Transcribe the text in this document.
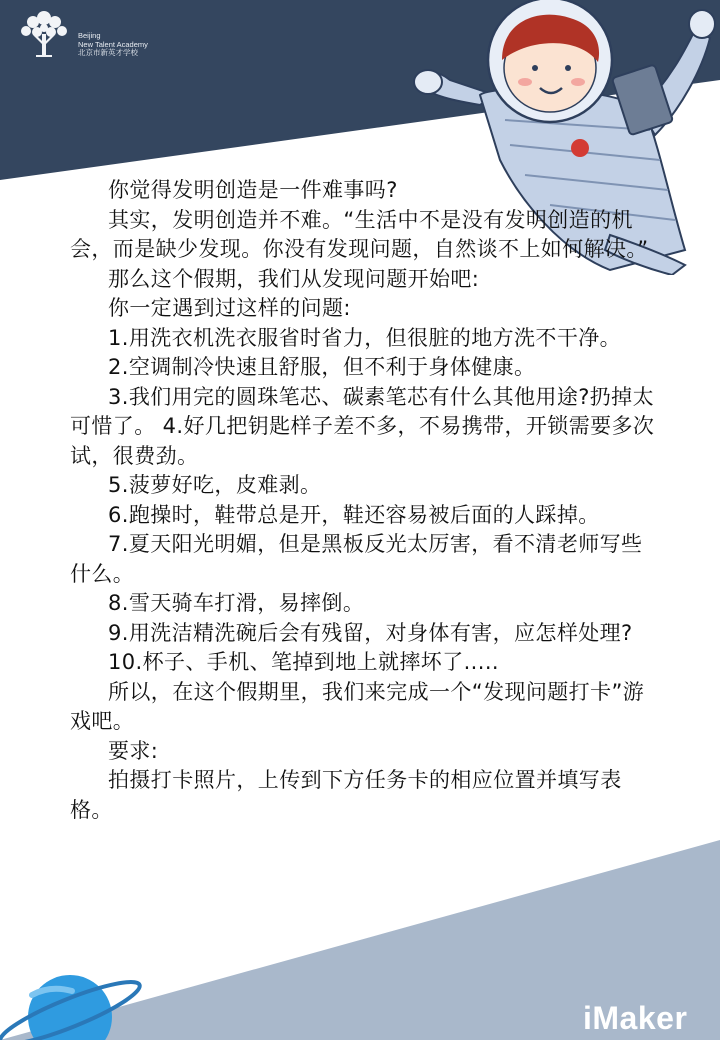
Beijing
New Talent Academy
北京市新英才学校

你觉得发明创造是一件难事吗?

其实，发明创造并不难。“生活中不是没有发明创造的机会，而是缺少发现。你没有发现问题，自然谈不上如何解决。”

那么这个假期，我们从发现问题开始吧:

你一定遇到过这样的问题:

1.用洗衣机洗衣服省时省力，但很脏的地方洗不干净。

2.空调制冷快速且舒服，但不利于身体健康。

3.我们用完的圆珠笔芯、碳素笔芯有什么其他用途?扔掉太可惜了。 4.好几把钥匙样子差不多，不易携带，开锁需要多次试，很费劲。

5.菠萝好吃，皮难剥。

6.跑操时，鞋带总是开，鞋还容易被后面的人踩掉。

7.夏天阳光明媚，但是黑板反光太厉害，看不清老师写些什么。

8.雪天骑车打滑，易摔倒。

9.用洗洁精洗碗后会有残留，对身体有害，应怎样处理?

10.杯子、手机、笔掉到地上就摔坏了.....

所以，在这个假期里，我们来完成一个“发现问题打卡”游戏吧。

要求:

拍摄打卡照片，上传到下方任务卡的相应位置并填写表格。

iMaker
